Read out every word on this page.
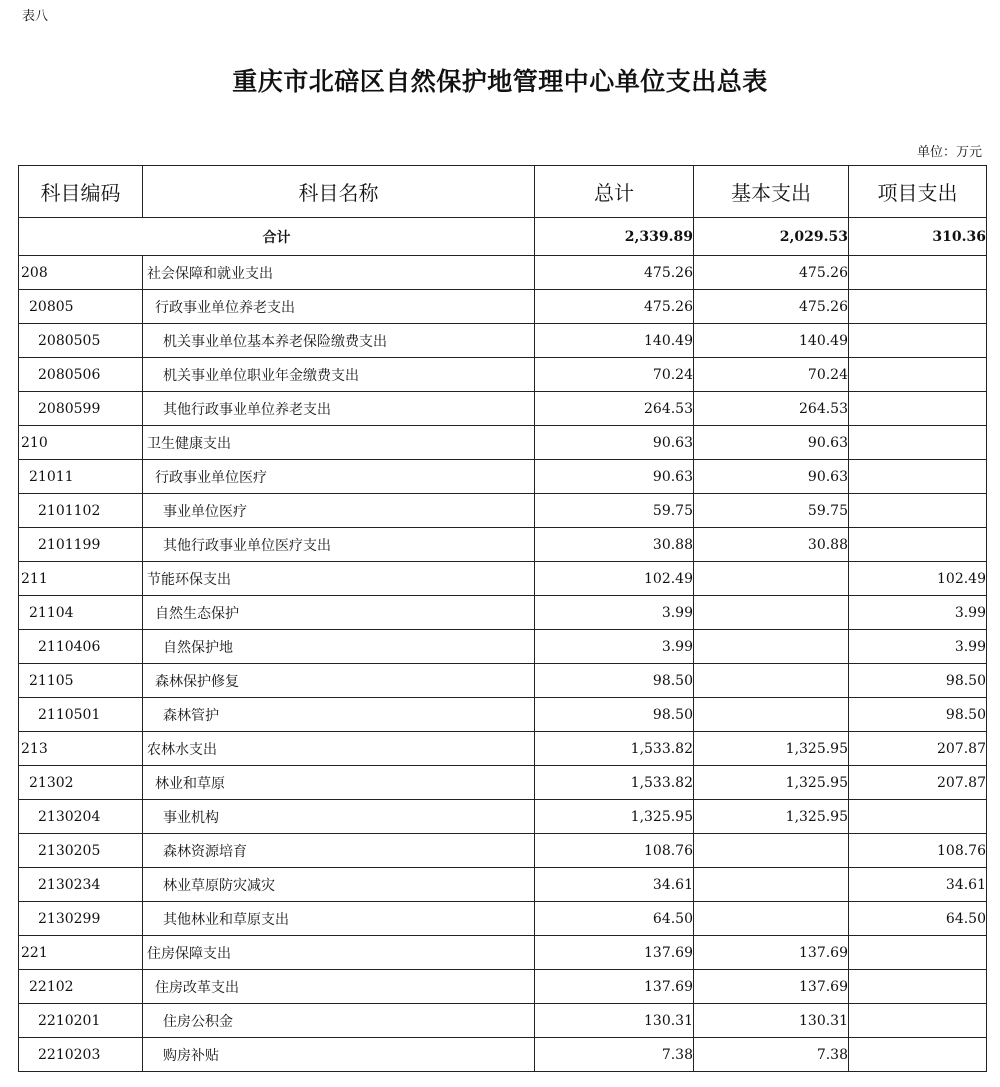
表八
重庆市北碚区自然保护地管理中心单位支出总表
单位：万元
科目编码	科目名称	总计	基本支出	项目支出
合计		2,339.89	2,029.53	310.36
208	社会保障和就业支出	475.26	475.26	
20805	行政事业单位养老支出	475.26	475.26	
2080505	机关事业单位基本养老保险缴费支出	140.49	140.49	
2080506	机关事业单位职业年金缴费支出	70.24	70.24	
2080599	其他行政事业单位养老支出	264.53	264.53	
210	卫生健康支出	90.63	90.63	
21011	行政事业单位医疗	90.63	90.63	
2101102	事业单位医疗	59.75	59.75	
2101199	其他行政事业单位医疗支出	30.88	30.88	
211	节能环保支出	102.49		102.49
21104	自然生态保护	3.99		3.99
2110406	自然保护地	3.99		3.99
21105	森林保护修复	98.50		98.50
2110501	森林管护	98.50		98.50
213	农林水支出	1,533.82	1,325.95	207.87
21302	林业和草原	1,533.82	1,325.95	207.87
2130204	事业机构	1,325.95	1,325.95	
2130205	森林资源培育	108.76		108.76
2130234	林业草原防灾减灾	34.61		34.61
2130299	其他林业和草原支出	64.50		64.50
221	住房保障支出	137.69	137.69	
22102	住房改革支出	137.69	137.69	
2210201	住房公积金	130.31	130.31	
2210203	购房补贴	7.38	7.38	
